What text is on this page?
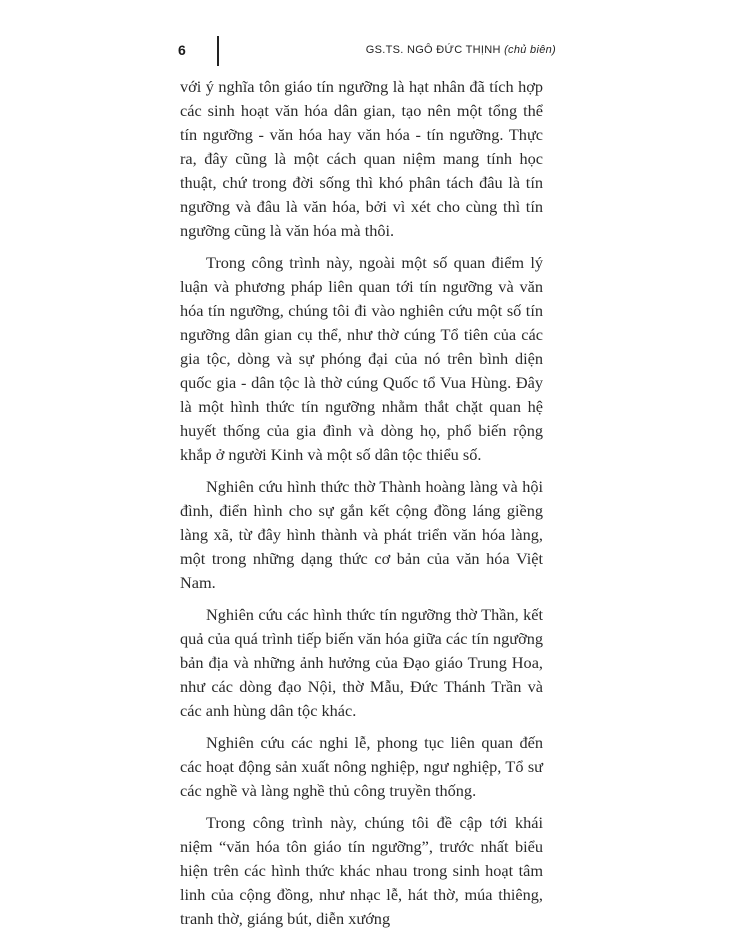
6	GS.TS. NGÔ ĐỨC THỊNH (chủ biên)

với ý nghĩa tôn giáo tín ngưỡng là hạt nhân đã tích hợp các sinh hoạt văn hóa dân gian, tạo nên một tổng thể tín ngưỡng - văn hóa hay văn hóa - tín ngưỡng. Thực ra, đây cũng là một cách quan niệm mang tính học thuật, chứ trong đời sống thì khó phân tách đâu là tín ngưỡng và đâu là văn hóa, bởi vì xét cho cùng thì tín ngưỡng cũng là văn hóa mà thôi.

Trong công trình này, ngoài một số quan điểm lý luận và phương pháp liên quan tới tín ngưỡng và văn hóa tín ngưỡng, chúng tôi đi vào nghiên cứu một số tín ngưỡng dân gian cụ thể, như thờ cúng Tổ tiên của các gia tộc, dòng và sự phóng đại của nó trên bình diện quốc gia - dân tộc là thờ cúng Quốc tổ Vua Hùng. Đây là một hình thức tín ngưỡng nhằm thắt chặt quan hệ huyết thống của gia đình và dòng họ, phổ biến rộng khắp ở người Kinh và một số dân tộc thiểu số.

Nghiên cứu hình thức thờ Thành hoàng làng và hội đình, điển hình cho sự gắn kết cộng đồng láng giềng làng xã, từ đây hình thành và phát triển văn hóa làng, một trong những dạng thức cơ bản của văn hóa Việt Nam.

Nghiên cứu các hình thức tín ngưỡng thờ Thần, kết quả của quá trình tiếp biến văn hóa giữa các tín ngưỡng bản địa và những ảnh hưởng của Đạo giáo Trung Hoa, như các dòng đạo Nội, thờ Mẫu, Đức Thánh Trần và các anh hùng dân tộc khác.

Nghiên cứu các nghi lễ, phong tục liên quan đến các hoạt động sản xuất nông nghiệp, ngư nghiệp, Tổ sư các nghề và làng nghề thủ công truyền thống.

Trong công trình này, chúng tôi đề cập tới khái niệm “văn hóa tôn giáo tín ngưỡng”, trước nhất biểu hiện trên các hình thức khác nhau trong sinh hoạt tâm linh của cộng đồng, như nhạc lễ, hát thờ, múa thiêng, tranh thờ, giáng bút, diễn xướng
